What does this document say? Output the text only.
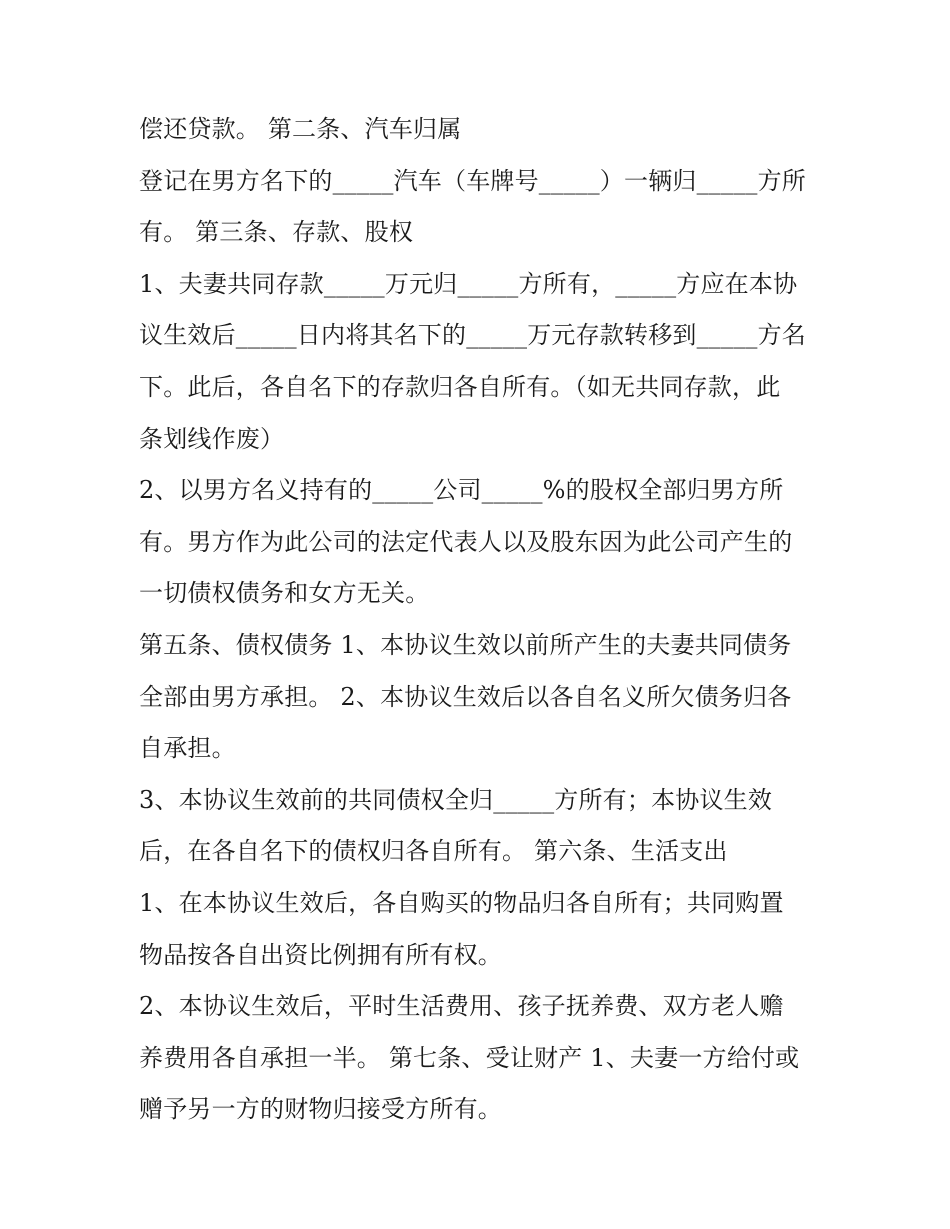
偿还贷款。 第二条、汽车归属
登记在男方名下的_____汽车（车牌号_____）一辆归_____方所
有。 第三条、存款、股权
1、夫妻共同存款_____万元归_____方所有，_____方应在本协
议生效后_____日内将其名下的_____万元存款转移到_____方名
下。此后，各自名下的存款归各自所有。（如无共同存款，此
条划线作废）
2、以男方名义持有的_____公司_____%的股权全部归男方所
有。男方作为此公司的法定代表人以及股东因为此公司产生的
一切债权债务和女方无关。
第五条、债权债务 1、本协议生效以前所产生的夫妻共同债务
全部由男方承担。 2、本协议生效后以各自名义所欠债务归各
自承担。
3、本协议生效前的共同债权全归_____方所有；本协议生效
后，在各自名下的债权归各自所有。 第六条、生活支出
1、在本协议生效后，各自购买的物品归各自所有；共同购置
物品按各自出资比例拥有所有权。
2、本协议生效后，平时生活费用、孩子抚养费、双方老人赡
养费用各自承担一半。 第七条、受让财产 1、夫妻一方给付或
赠予另一方的财物归接受方所有。
